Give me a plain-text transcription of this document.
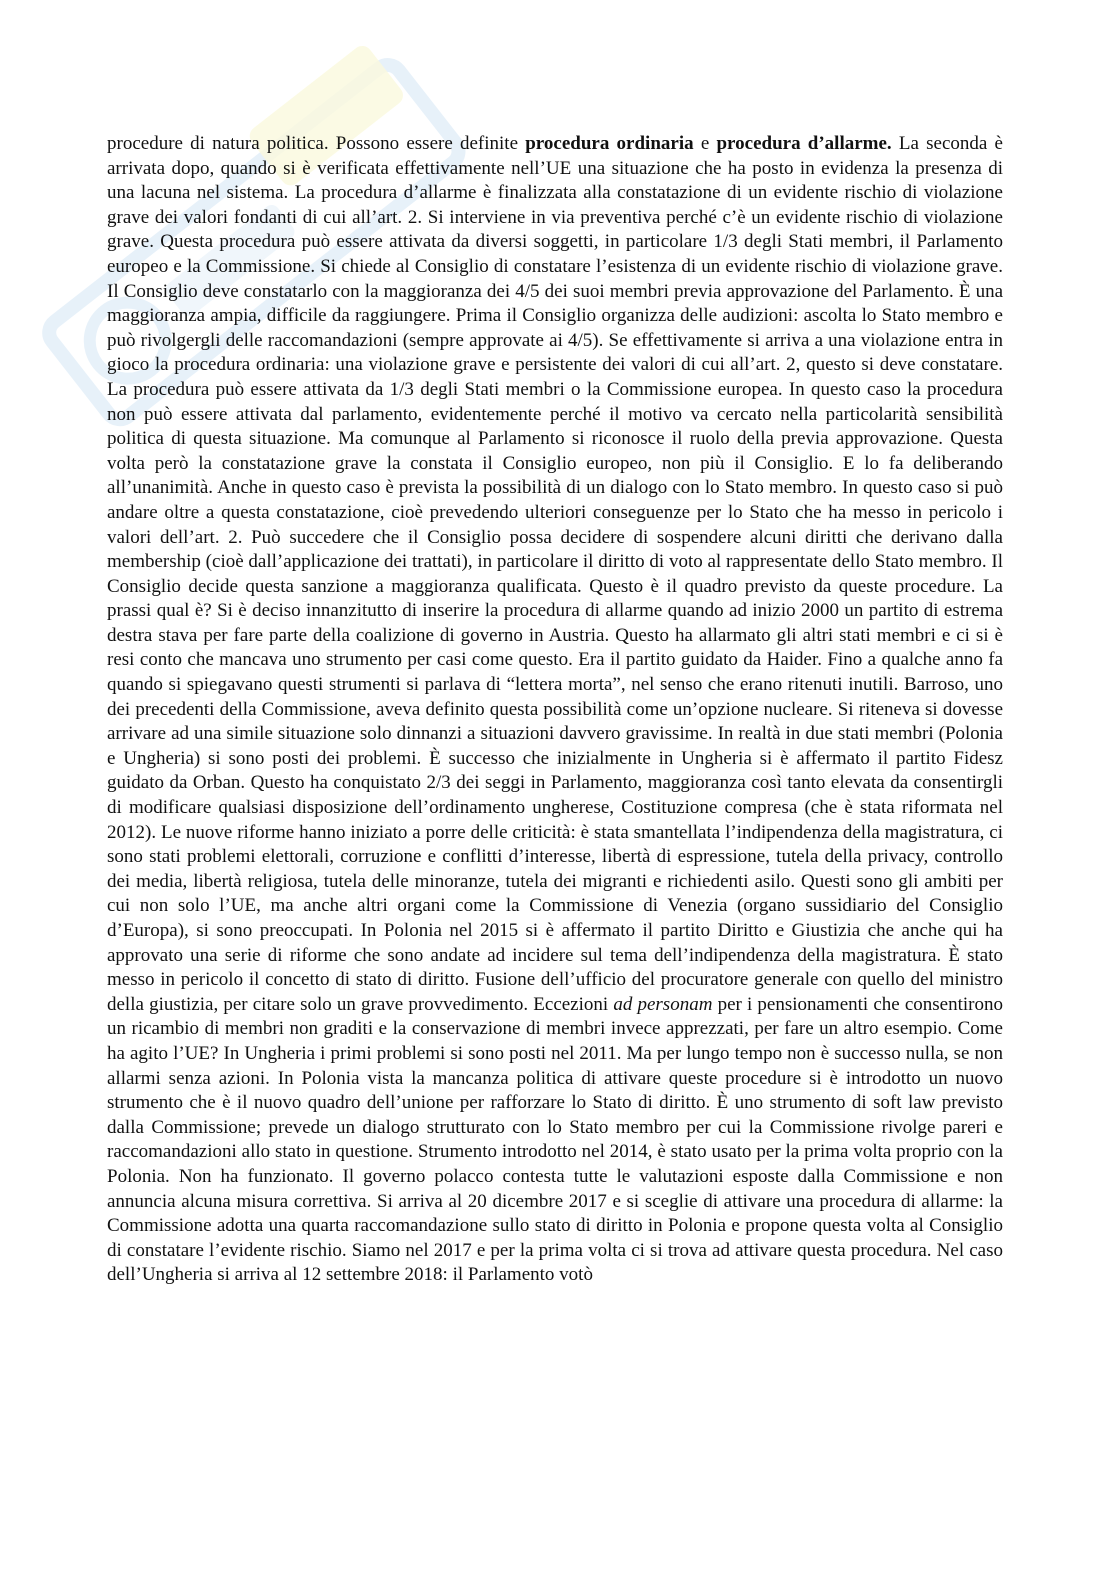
procedure di natura politica. Possono essere definite procedura ordinaria e procedura d’allarme. La seconda è arrivata dopo, quando si è verificata effettivamente nell’UE una situazione che ha posto in evidenza la presenza di una lacuna nel sistema. La procedura d’allarme è finalizzata alla constatazione di un evidente rischio di violazione grave dei valori fondanti di cui all’art. 2. Si interviene in via preventiva perché c’è un evidente rischio di violazione grave. Questa procedura può essere attivata da diversi soggetti, in particolare 1/3 degli Stati membri, il Parlamento europeo e la Commissione. Si chiede al Consiglio di constatare l’esistenza di un evidente rischio di violazione grave. Il Consiglio deve constatarlo con la maggioranza dei 4/5 dei suoi membri previa approvazione del Parlamento. È una maggioranza ampia, difficile da raggiungere. Prima il Consiglio organizza delle audizioni: ascolta lo Stato membro e può rivolgergli delle raccomandazioni (sempre approvate ai 4/5). Se effettivamente si arriva a una violazione entra in gioco la procedura ordinaria: una violazione grave e persistente dei valori di cui all’art. 2, questo si deve constatare. La procedura può essere attivata da 1/3 degli Stati membri o la Commissione europea. In questo caso la procedura non può essere attivata dal parlamento, evidentemente perché il motivo va cercato nella particolarità sensibilità politica di questa situazione. Ma comunque al Parlamento si riconosce il ruolo della previa approvazione. Questa volta però la constatazione grave la constata il Consiglio europeo, non più il Consiglio. E lo fa deliberando all’unanimità. Anche in questo caso è prevista la possibilità di un dialogo con lo Stato membro. In questo caso si può andare oltre a questa constatazione, cioè prevedendo ulteriori conseguenze per lo Stato che ha messo in pericolo i valori dell’art. 2. Può succedere che il Consiglio possa decidere di sospendere alcuni diritti che derivano dalla membership (cioè dall’applicazione dei trattati), in particolare il diritto di voto al rappresentate dello Stato membro. Il Consiglio decide questa sanzione a maggioranza qualificata. Questo è il quadro previsto da queste procedure. La prassi qual è? Si è deciso innanzitutto di inserire la procedura di allarme quando ad inizio 2000 un partito di estrema destra stava per fare parte della coalizione di governo in Austria. Questo ha allarmato gli altri stati membri e ci si è resi conto che mancava uno strumento per casi come questo. Era il partito guidato da Haider. Fino a qualche anno fa quando si spiegavano questi strumenti si parlava di “lettera morta”, nel senso che erano ritenuti inutili. Barroso, uno dei precedenti della Commissione, aveva definito questa possibilità come un’opzione nucleare. Si riteneva si dovesse arrivare ad una simile situazione solo dinnanzi a situazioni davvero gravissime. In realtà in due stati membri (Polonia e Ungheria) si sono posti dei problemi. È successo che inizialmente in Ungheria si è affermato il partito Fidesz guidato da Orban. Questo ha conquistato 2/3 dei seggi in Parlamento, maggioranza così tanto elevata da consentirgli di modificare qualsiasi disposizione dell’ordinamento ungherese, Costituzione compresa (che è stata riformata nel 2012). Le nuove riforme hanno iniziato a porre delle criticità: è stata smantellata l’indipendenza della magistratura, ci sono stati problemi elettorali, corruzione e conflitti d’interesse, libertà di espressione, tutela della privacy, controllo dei media, libertà religiosa, tutela delle minoranze, tutela dei migranti e richiedenti asilo. Questi sono gli ambiti per cui non solo l’UE, ma anche altri organi come la Commissione di Venezia (organo sussidiario del Consiglio d’Europa), si sono preoccupati. In Polonia nel 2015 si è affermato il partito Diritto e Giustizia che anche qui ha approvato una serie di riforme che sono andate ad incidere sul tema dell’indipendenza della magistratura. È stato messo in pericolo il concetto di stato di diritto. Fusione dell’ufficio del procuratore generale con quello del ministro della giustizia, per citare solo un grave provvedimento. Eccezioni ad personam per i pensionamenti che consentirono un ricambio di membri non graditi e la conservazione di membri invece apprezzati, per fare un altro esempio. Come ha agito l’UE? In Ungheria i primi problemi si sono posti nel 2011. Ma per lungo tempo non è successo nulla, se non allarmi senza azioni. In Polonia vista la mancanza politica di attivare queste procedure si è introdotto un nuovo strumento che è il nuovo quadro dell’unione per rafforzare lo Stato di diritto. È uno strumento di soft law previsto dalla Commissione; prevede un dialogo strutturato con lo Stato membro per cui la Commissione rivolge pareri e raccomandazioni allo stato in questione. Strumento introdotto nel 2014, è stato usato per la prima volta proprio con la Polonia. Non ha funzionato. Il governo polacco contesta tutte le valutazioni esposte dalla Commissione e non annuncia alcuna misura correttiva. Si arriva al 20 dicembre 2017 e si sceglie di attivare una procedura di allarme: la Commissione adotta una quarta raccomandazione sullo stato di diritto in Polonia e propone questa volta al Consiglio di constatare l’evidente rischio. Siamo nel 2017 e per la prima volta ci si trova ad attivare questa procedura. Nel caso dell’Ungheria si arriva al 12 settembre 2018: il Parlamento votò
